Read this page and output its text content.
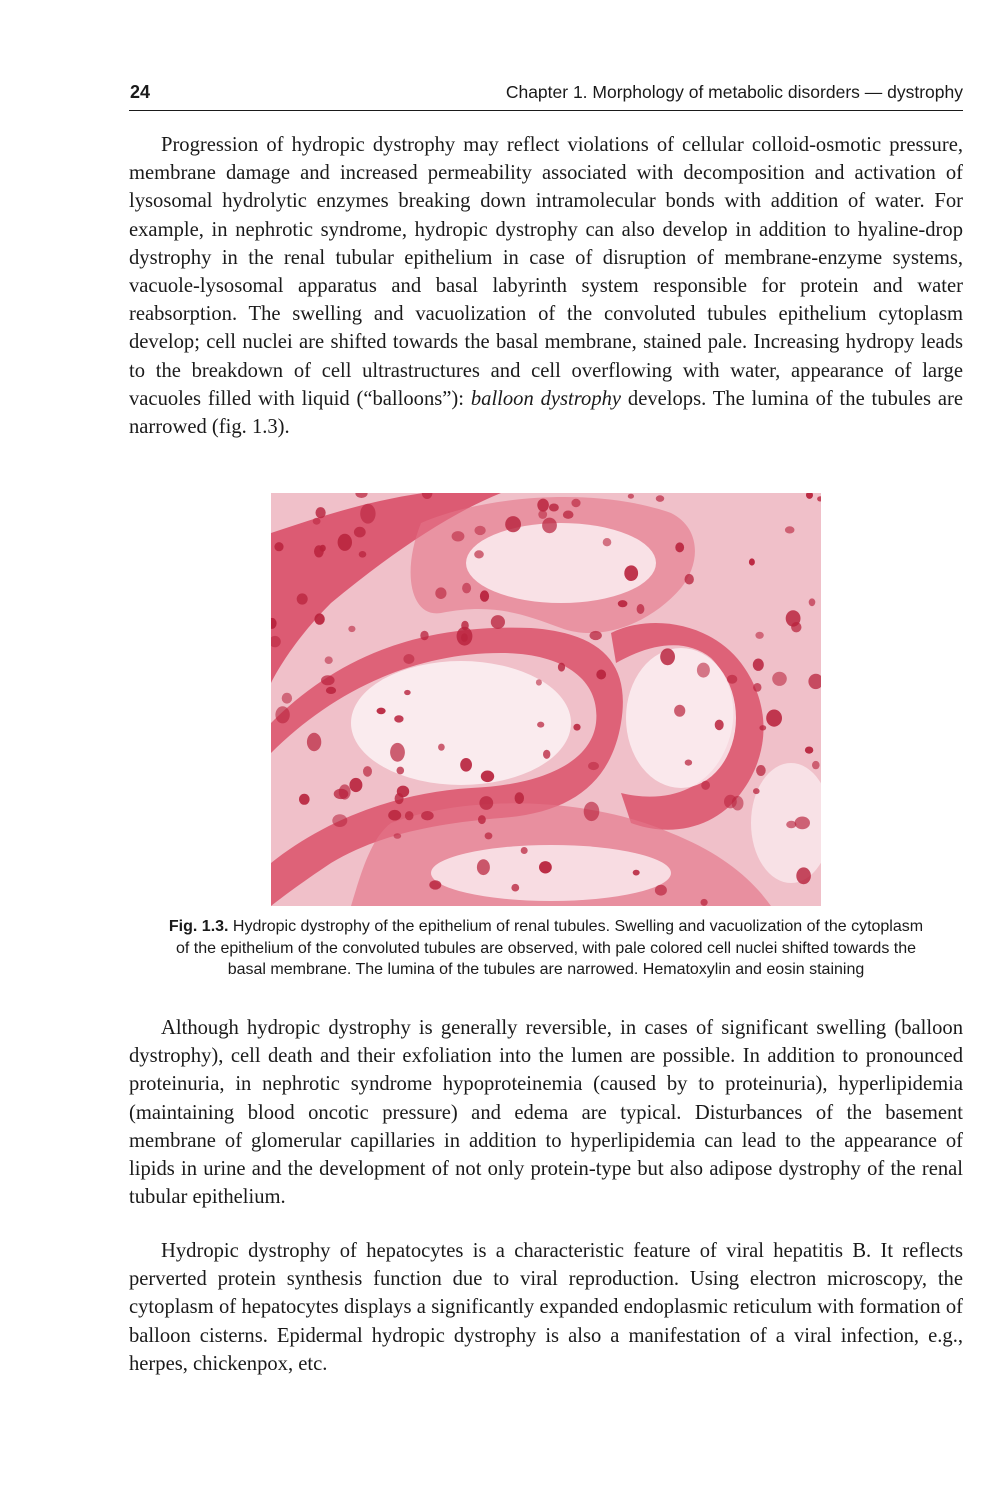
24	Chapter 1. Morphology of metabolic disorders — dystrophy

Progression of hydropic dystrophy may reflect violations of cellular colloid-osmotic pressure, membrane damage and increased permeability associated with decomposition and activation of lysosomal hydrolytic enzymes breaking down intramolecular bonds with addition of water. For example, in nephrotic syndrome, hydropic dystrophy can also develop in addition to hyaline-drop dystrophy in the renal tubular epithelium in case of disruption of membrane-enzyme systems, vacuole-lysosomal apparatus and basal labyrinth system responsible for protein and water reabsorption. The swelling and vacuolization of the convoluted tubules epithelium cytoplasm develop; cell nuclei are shifted towards the basal membrane, stained pale. Increasing hydropy leads to the breakdown of cell ultrastructures and cell overflowing with water, appearance of large vacuoles filled with liquid (“balloons”): balloon dystrophy develops. The lumina of the tubules are narrowed (fig. 1.3).

Fig. 1.3. Hydropic dystrophy of the epithelium of renal tubules. Swelling and vacuolization of the cytoplasm
of the epithelium of the convoluted tubules are observed, with pale colored cell nuclei shifted towards the
basal membrane. The lumina of the tubules are narrowed. Hematoxylin and eosin staining

Although hydropic dystrophy is generally reversible, in cases of significant swelling (balloon dystrophy), cell death and their exfoliation into the lumen are possible. In addition to pronounced proteinuria, in nephrotic syndrome hypoproteinemia (caused by to proteinuria), hyperlipidemia (maintaining blood oncotic pressure) and edema are typical. Disturbances of the basement membrane of glomerular capillaries in addition to hyperlipidemia can lead to the appearance of lipids in urine and the development of not only protein-type but also adipose dystrophy of the renal tubular epithelium.

Hydropic dystrophy of hepatocytes is a characteristic feature of viral hepatitis B. It reflects perverted protein synthesis function due to viral reproduction. Using electron microscopy, the cytoplasm of hepatocytes displays a significantly expanded endoplasmic reticulum with formation of balloon cisterns. Epidermal hydropic dystrophy is also a manifestation of a viral infection, e.g., herpes, chickenpox, etc.
